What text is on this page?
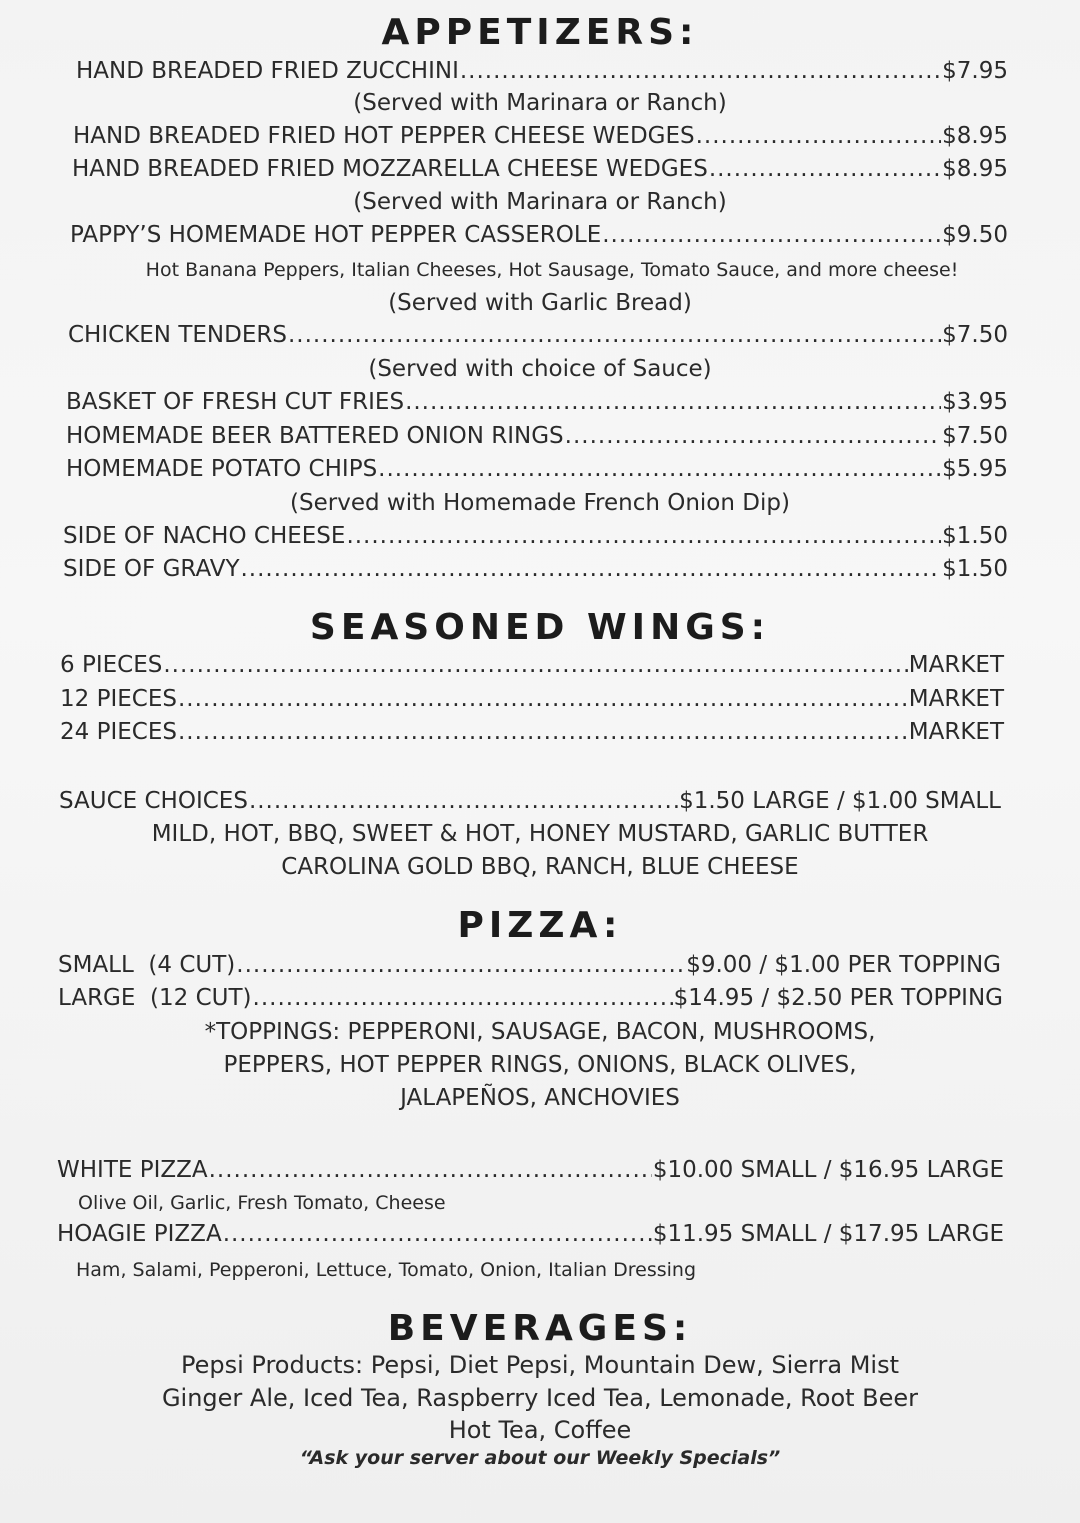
APPETIZERS:
HAND BREADED FRIED ZUCCHINI .....	$7.95
(Served with Marinara or Ranch)
HAND BREADED FRIED HOT PEPPER CHEESE WEDGES .....	$8.95
HAND BREADED FRIED MOZZARELLA CHEESE WEDGES .....	$8.95
(Served with Marinara or Ranch)
PAPPY’S HOMEMADE HOT PEPPER CASSEROLE .....	$9.50
Hot Banana Peppers, Italian Cheeses, Hot Sausage, Tomato Sauce, and more cheese!
(Served with Garlic Bread)
CHICKEN TENDERS .....	$7.50
(Served with choice of Sauce)
BASKET OF FRESH CUT FRIES .....	$3.95
HOMEMADE BEER BATTERED ONION RINGS .....	$7.50
HOMEMADE POTATO CHIPS .....	$5.95
(Served with Homemade French Onion Dip)
SIDE OF NACHO CHEESE .....	$1.50
SIDE OF GRAVY .....	$1.50
SEASONED WINGS:
6 PIECES .....	MARKET
12 PIECES .....	MARKET
24 PIECES .....	MARKET
SAUCE CHOICES .....	$1.50 LARGE / $1.00 SMALL
MILD, HOT, BBQ, SWEET & HOT, HONEY MUSTARD, GARLIC BUTTER
CAROLINA GOLD BBQ, RANCH, BLUE CHEESE
PIZZA:
SMALL  (4 CUT) .....	$9.00 / $1.00 PER TOPPING
LARGE  (12 CUT) .....	$14.95 / $2.50 PER TOPPING
*TOPPINGS: PEPPERONI, SAUSAGE, BACON, MUSHROOMS,
PEPPERS, HOT PEPPER RINGS, ONIONS, BLACK OLIVES,
JALAPEÑOS, ANCHOVIES
WHITE PIZZA .....	$10.00 SMALL / $16.95 LARGE
Olive Oil, Garlic, Fresh Tomato, Cheese
HOAGIE PIZZA .....	$11.95 SMALL / $17.95 LARGE
Ham, Salami, Pepperoni, Lettuce, Tomato, Onion, Italian Dressing
BEVERAGES:
Pepsi Products: Pepsi, Diet Pepsi, Mountain Dew, Sierra Mist
Ginger Ale, Iced Tea, Raspberry Iced Tea, Lemonade, Root Beer
Hot Tea, Coffee
“Ask your server about our Weekly Specials”
